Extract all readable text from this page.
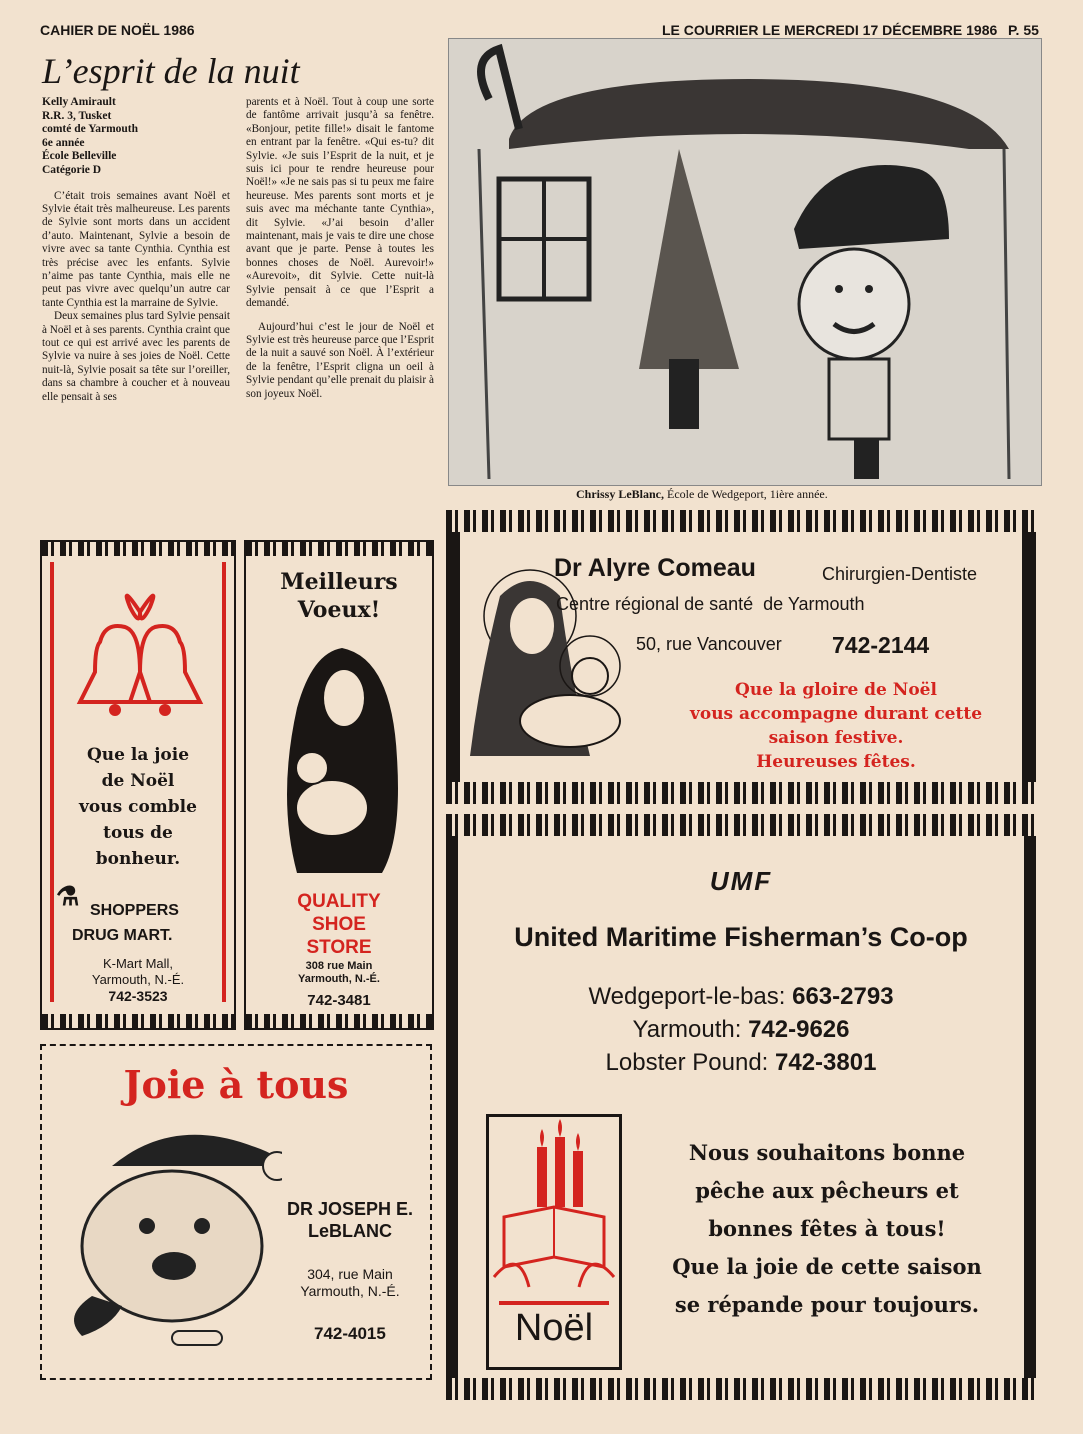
CAHIER DE NOËL 1986	LE COURRIER LE MERCREDI 17 DÉCEMBRE 1986 P. 55
L’esprit de la nuit
Kelly Amirault
R.R. 3, Tusket
comté de Yarmouth
6e année
École Belleville
Catégorie D

C’était trois semaines avant Noël et Sylvie était très malheureuse. Les parents de Sylvie sont morts dans un accident d’auto. Maintenant, Sylvie a besoin de vivre avec sa tante Cynthia. Cynthia est très précise avec les enfants. Sylvie n’aime pas tante Cynthia, mais elle ne peut pas vivre avec quelqu’un autre car tante Cynthia est la marraine de Sylvie.

Deux semaines plus tard Sylvie pensait à Noël et à ses parents. Cynthia craint que tout ce qui est arrivé avec les parents de Sylvie va nuire à ses joies de Noël. Cette nuit-là, Sylvie posait sa tête sur l’oreiller, dans sa chambre à coucher et à nouveau elle pensait à ses

parents et à Noël. Tout à coup une sorte de fantôme arrivait jusqu’à sa fenêtre. «Bonjour, petite fille!» disait le fantome en entrant par la fenêtre. «Qui es-tu? dit Sylvie. «Je suis l’Esprit de la nuit, et je suis ici pour te rendre heureuse pour Noël!» «Je ne sais pas si tu peux me faire heureuse. Mes parents sont morts et je suis avec ma méchante tante Cynthia», dit Sylvie. «J’ai besoin d’aller maintenant, mais je vais te dire une chose avant que je parte. Pense à toutes les bonnes choses de Noël. Aurevoir!» «Aurevoit», dit Sylvie. Cette nuit-là Sylvie pensait à ce que l’Esprit a demandé.

Aujourd’hui c’est le jour de Noël et Sylvie est très heureuse parce que l’Esprit de la nuit a sauvé son Noël. À l’extérieur de la fenêtre, l’Esprit cligna un oeil à Sylvie pendant qu’elle prenait du plaisir à son joyeux Noël.

Chrissy LeBlanc, École de Wedgeport, 1ière année.
Que la joie
de Noël
vous comble
tous de
bonheur.
⚗ SHOPPERS
DRUG MART.
K-Mart Mall,
Yarmouth, N.-É.
742-3523
Meilleurs
Voeux!
QUALITY
SHOE
STORE
308 rue Main
Yarmouth, N.-É.
742-3481
Dr Alyre Comeau	Chirurgien-Dentiste
Centre régional de santé  de Yarmouth
50, rue Vancouver 742-2144
Que la gloire de Noël
vous accompagne durant cette
saison festive.
Heureuses fêtes.
Joie à tous
DR JOSEPH E.
LeBLANC
304, rue Main
Yarmouth, N.-É.
742-4015
UMF
United Maritime Fisherman’s Co-op
Wedgeport-le-bas: 663-2793
Yarmouth: 742-9626
Lobster Pound: 742-3801
Noël
Nous souhaitons bonne
pêche aux pêcheurs et
bonnes fêtes à tous!
Que la joie de cette saison
se répande pour toujours.
